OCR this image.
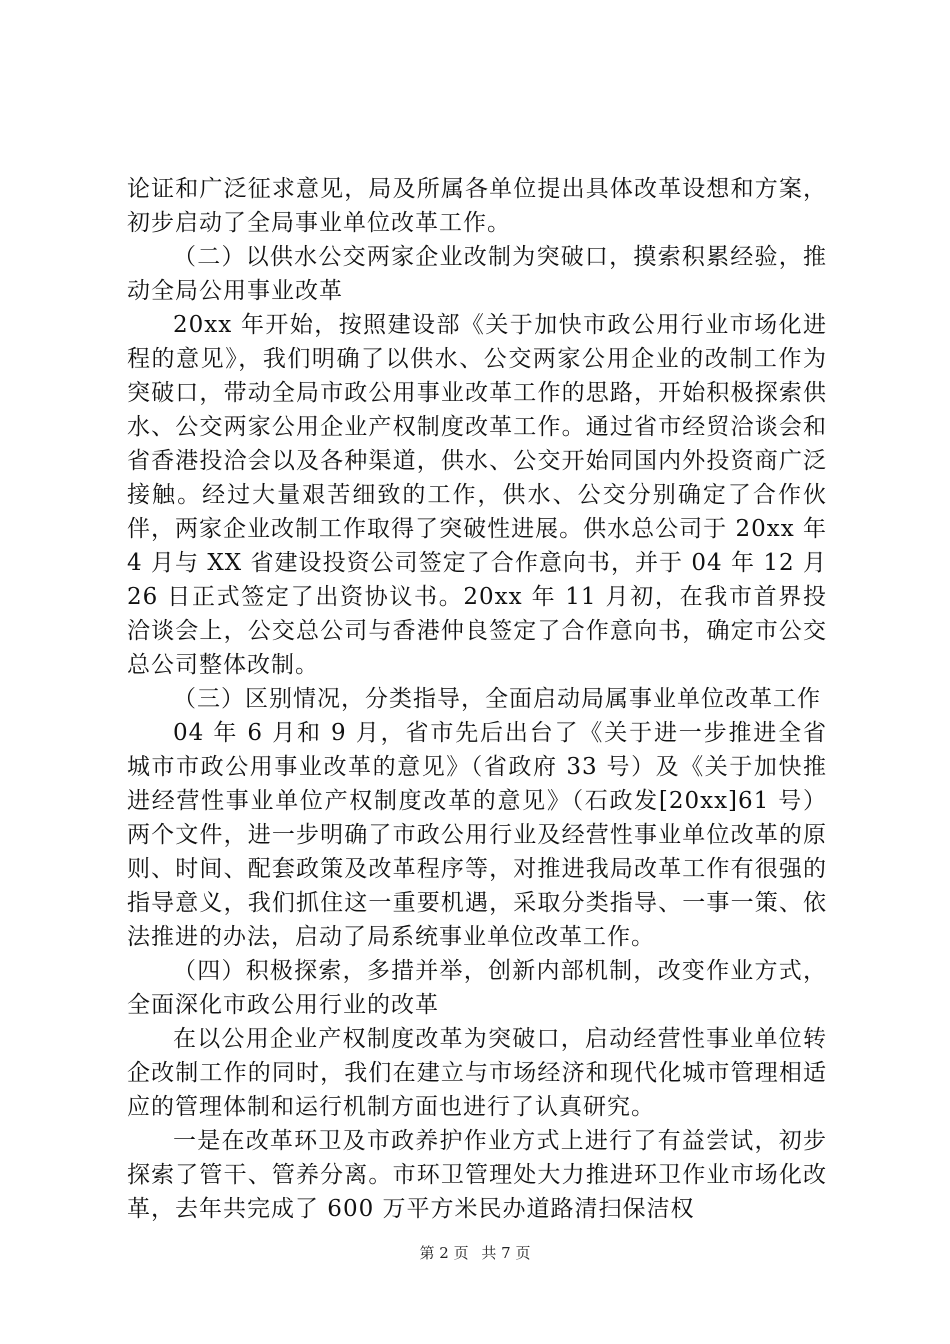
论证和广泛征求意见，局及所属各单位提出具体改革设想和方案，初步启动了全局事业单位改革工作。

（二）以供水公交两家企业改制为突破口，摸索积累经验，推动全局公用事业改革

20xx 年开始，按照建设部《关于加快市政公用行业市场化进程的意见》，我们明确了以供水、公交两家公用企业的改制工作为突破口，带动全局市政公用事业改革工作的思路，开始积极探索供水、公交两家公用企业产权制度改革工作。通过省市经贸洽谈会和省香港投洽会以及各种渠道，供水、公交开始同国内外投资商广泛接触。经过大量艰苦细致的工作，供水、公交分别确定了合作伙伴，两家企业改制工作取得了突破性进展。供水总公司于 20xx 年 4 月与 XX 省建设投资公司签定了合作意向书，并于 04 年 12 月 26 日正式签定了出资协议书。20xx 年 11 月初，在我市首界投洽谈会上，公交总公司与香港仲良签定了合作意向书，确定市公交总公司整体改制。

（三）区别情况，分类指导，全面启动局属事业单位改革工作

04 年 6 月和 9 月，省市先后出台了《关于进一步推进全省城市市政公用事业改革的意见》（省政府 33 号）及《关于加快推进经营性事业单位产权制度改革的意见》（石政发[20xx]61 号）两个文件，进一步明确了市政公用行业及经营性事业单位改革的原则、时间、配套政策及改革程序等，对推进我局改革工作有很强的指导意义，我们抓住这一重要机遇，采取分类指导、一事一策、依法推进的办法，启动了局系统事业单位改革工作。

（四）积极探索，多措并举，创新内部机制，改变作业方式，全面深化市政公用行业的改革

在以公用企业产权制度改革为突破口，启动经营性事业单位转企改制工作的同时，我们在建立与市场经济和现代化城市管理相适应的管理体制和运行机制方面也进行了认真研究。

一是在改革环卫及市政养护作业方式上进行了有益尝试，初步探索了管干、管养分离。市环卫管理处大力推进环卫作业市场化改革，去年共完成了 600 万平方米民办道路清扫保洁权

第 2 页 共 7 页
